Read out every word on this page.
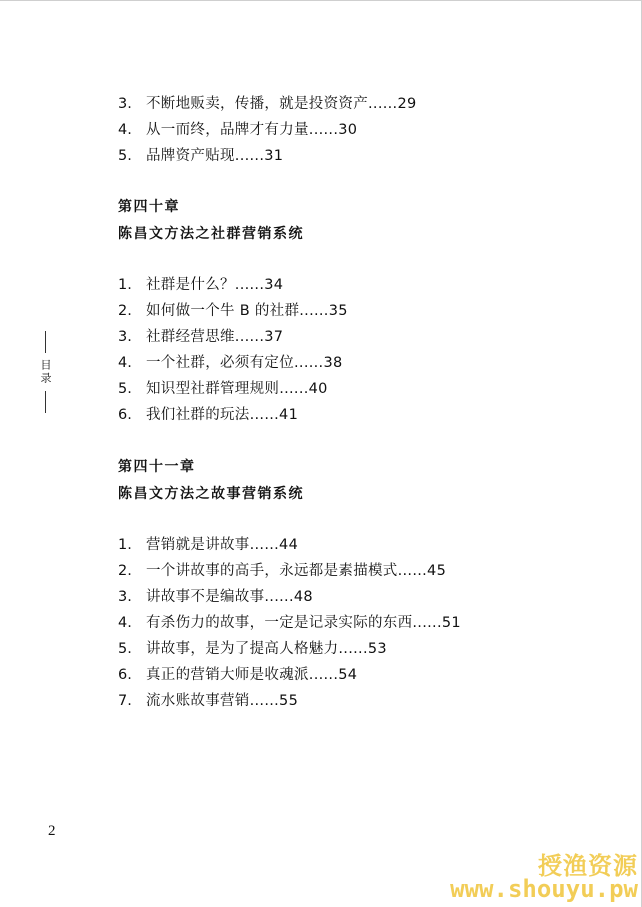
3. 不断地贩卖，传播，就是投资资产......29
4. 从一而终，品牌才有力量......30
5. 品牌资产贴现......31
第四十章
陈昌文方法之社群营销系统
1. 社群是什么？......34
2. 如何做一个牛 B 的社群......35
3. 社群经营思维......37
4. 一个社群，必须有定位......38
5. 知识型社群管理规则......40
6. 我们社群的玩法......41
第四十一章
陈昌文方法之故事营销系统
1. 营销就是讲故事......44
2. 一个讲故事的高手，永远都是素描模式......45
3. 讲故事不是编故事......48
4. 有杀伤力的故事，一定是记录实际的东西......51
5. 讲故事，是为了提高人格魅力......53
6. 真正的营销大师是收魂派......54
7. 流水账故事营销......55
目录
2
授渔资源
www.shouyu.pw
